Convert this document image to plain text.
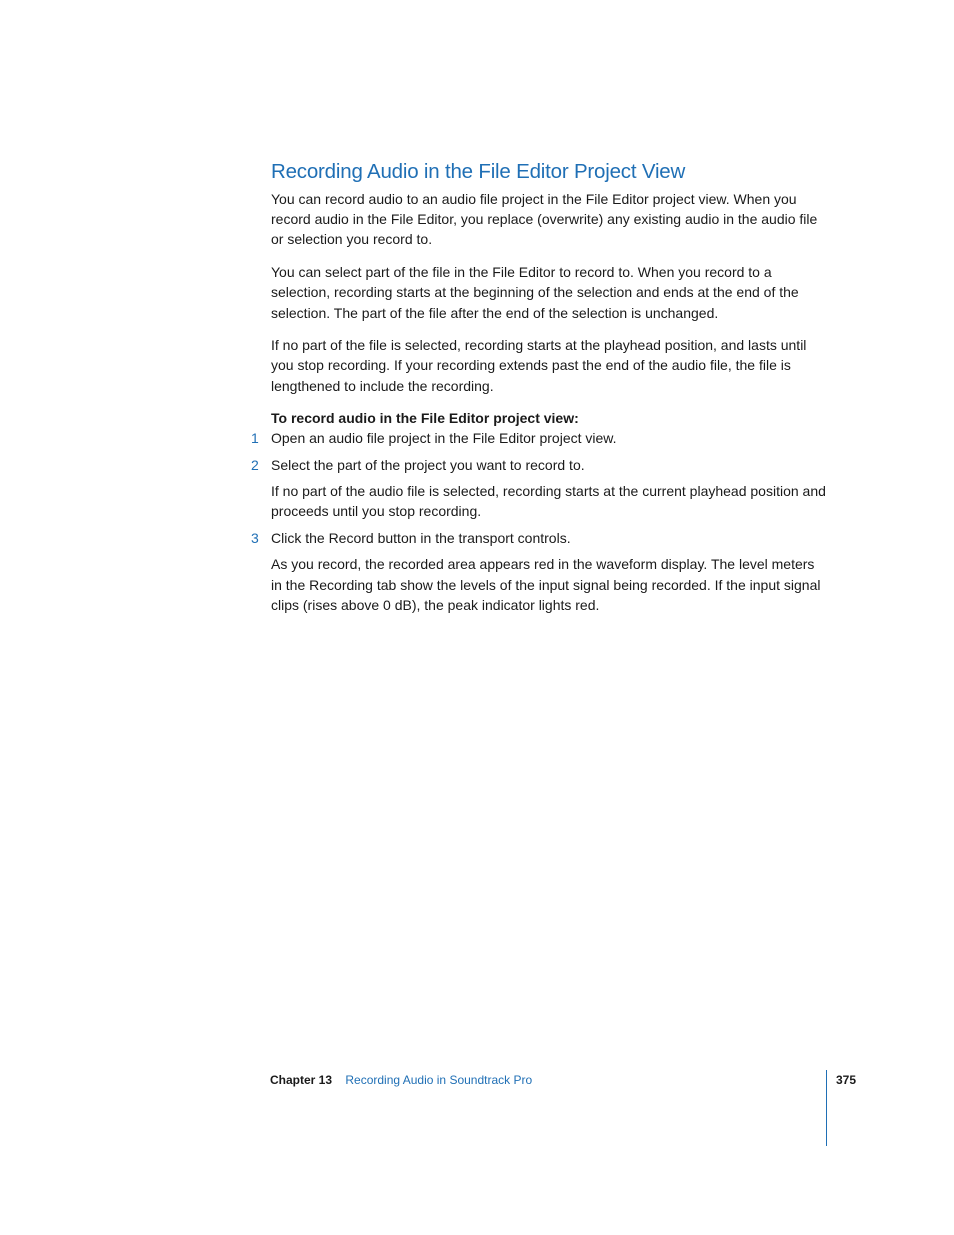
Recording Audio in the File Editor Project View

You can record audio to an audio file project in the File Editor project view. When you record audio in the File Editor, you replace (overwrite) any existing audio in the audio file or selection you record to.

You can select part of the file in the File Editor to record to. When you record to a selection, recording starts at the beginning of the selection and ends at the end of the selection. The part of the file after the end of the selection is unchanged.

If no part of the file is selected, recording starts at the playhead position, and lasts until you stop recording. If your recording extends past the end of the audio file, the file is lengthened to include the recording.

To record audio in the File Editor project view:

1 Open an audio file project in the File Editor project view.
2 Select the part of the project you want to record to.

If no part of the audio file is selected, recording starts at the current playhead position and proceeds until you stop recording.

3 Click the Record button in the transport controls.

As you record, the recorded area appears red in the waveform display. The level meters in the Recording tab show the levels of the input signal being recorded. If the input signal clips (rises above 0 dB), the peak indicator lights red.

Chapter 13 Recording Audio in Soundtrack Pro	375
